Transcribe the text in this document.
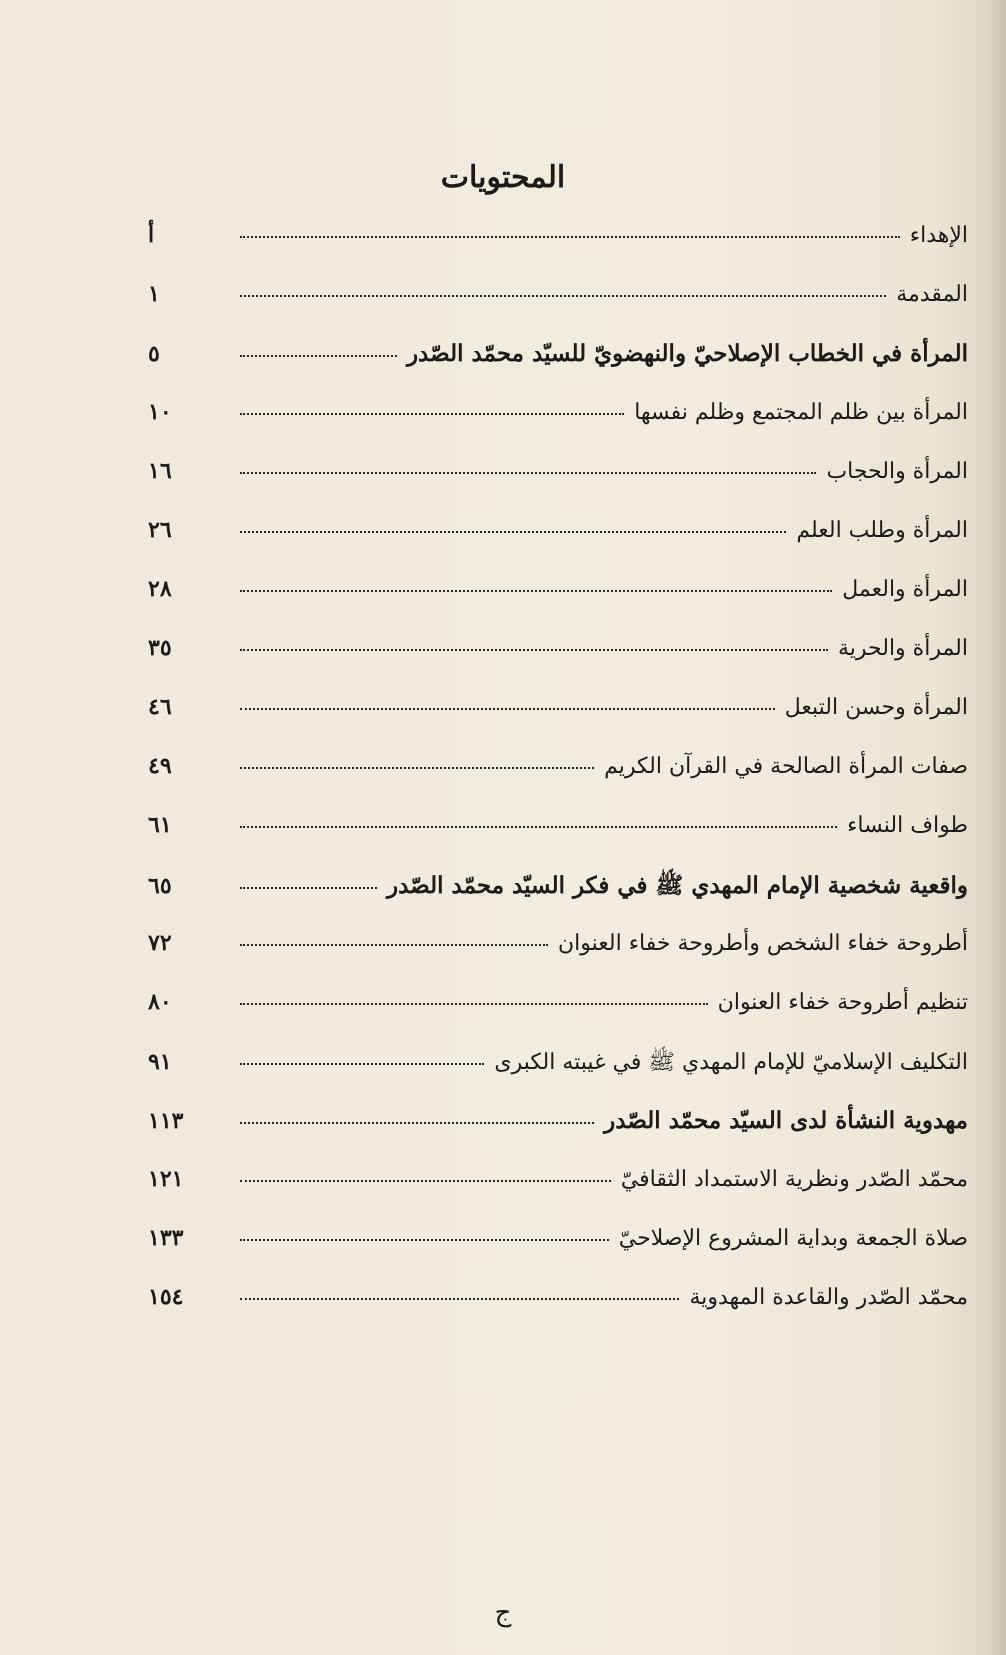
المحتويات
الإهداء
أ
المقدمة
١
المرأة في الخطاب الإصلاحيّ والنهضويّ للسيّد محمّد الصّدر
٥
المرأة بين ظلم المجتمع وظلم نفسها
١٠
المرأة والحجاب
١٦
المرأة وطلب العلم
٢٦
المرأة والعمل
٢٨
المرأة والحرية
٣٥
المرأة وحسن التبعل
٤٦
صفات المرأة الصالحة في القرآن الكريم
٤٩
طواف النساء
٦١
واقعية شخصية الإمام المهدي ﷺ في فكر السيّد محمّد الصّدر
٦٥
أطروحة خفاء الشخص وأطروحة خفاء العنوان
٧٢
تنظيم أطروحة خفاء العنوان
٨٠
التكليف الإسلاميّ للإمام المهدي ﷺ في غيبته الكبرى
٩١
مهدوية النشأة لدى السيّد محمّد الصّدر
١١٣
محمّد الصّدر ونظرية الاستمداد الثقافيّ
١٢١
صلاة الجمعة وبداية المشروع الإصلاحيّ
١٣٣
محمّد الصّدر والقاعدة المهدوية
١٥٤
ج
